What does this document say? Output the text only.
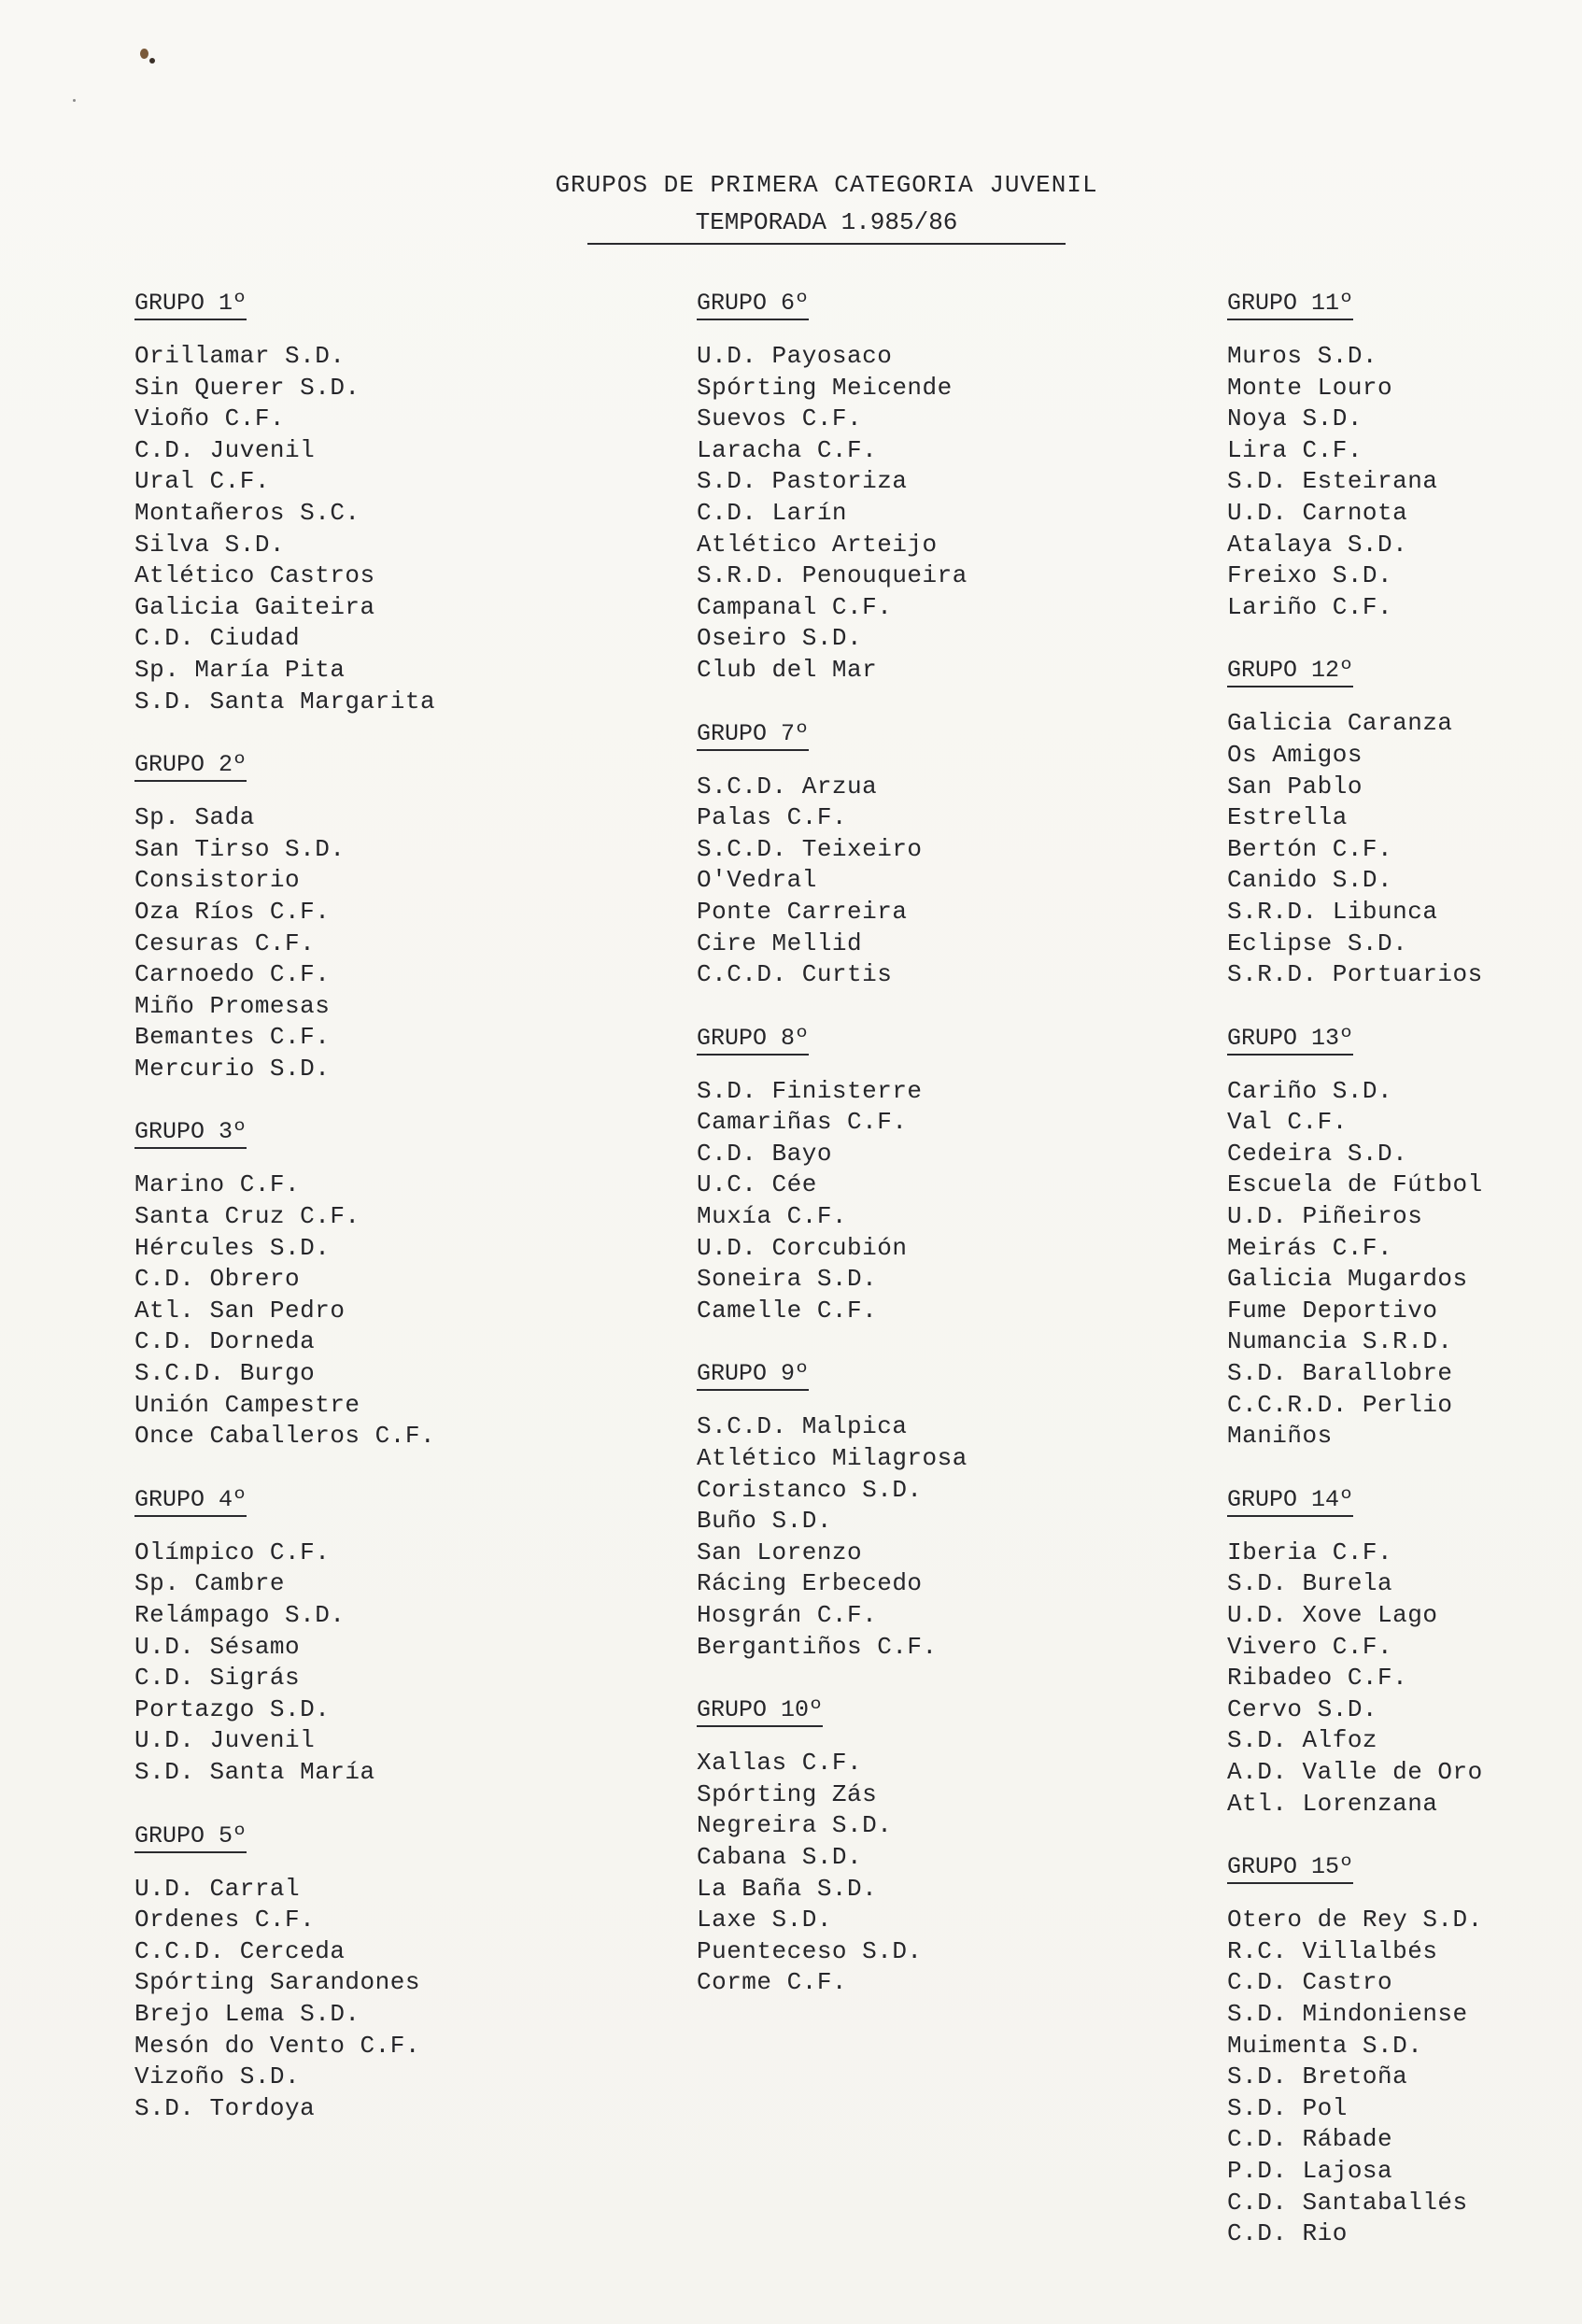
GRUPOS DE PRIMERA CATEGORIA JUVENIL
TEMPORADA 1.985/86
GRUPO 1º
Orillamar S.D.
Sin Querer S.D.
Vioño C.F.
C.D. Juvenil
Ural C.F.
Montañeros S.C.
Silva S.D.
Atlético Castros
Galicia Gaiteira
C.D. Ciudad
Sp. María Pita
S.D. Santa Margarita
GRUPO 2º
Sp. Sada
San Tirso S.D.
Consistorio
Oza Ríos C.F.
Cesuras C.F.
Carnoedo C.F.
Miño Promesas
Bemantes C.F.
Mercurio S.D.
GRUPO 3º
Marino C.F.
Santa Cruz C.F.
Hércules S.D.
C.D. Obrero
Atl. San Pedro
C.D. Dorneda
S.C.D. Burgo
Unión Campestre
Once Caballeros C.F.
GRUPO 4º
Olímpico C.F.
Sp. Cambre
Relámpago S.D.
U.D. Sésamo
C.D. Sigrás
Portazgo S.D.
U.D. Juvenil
S.D. Santa María
GRUPO 5º
U.D. Carral
Ordenes C.F.
C.C.D. Cerceda
Spórting Sarandones
Brejo Lema S.D.
Mesón do Vento C.F.
Vizoño S.D.
S.D. Tordoya
GRUPO 6º
U.D. Payosaco
Spórting Meicende
Suevos C.F.
Laracha C.F.
S.D. Pastoriza
C.D. Larín
Atlético Arteijo
S.R.D. Penouqueira
Campanal C.F.
Oseiro S.D.
Club del Mar
GRUPO 7º
S.C.D. Arzua
Palas C.F.
S.C.D. Teixeiro
O'Vedral
Ponte Carreira
Cire Mellid
C.C.D. Curtis
GRUPO 8º
S.D. Finisterre
Camariñas C.F.
C.D. Bayo
U.C. Cée
Muxía C.F.
U.D. Corcubión
Soneira S.D.
Camelle C.F.
GRUPO 9º
S.C.D. Malpica
Atlético Milagrosa
Coristanco S.D.
Buño S.D.
San Lorenzo
Rácing Erbecedo
Hosgrán C.F.
Bergantiños C.F.
GRUPO 10º
Xallas C.F.
Spórting Zás
Negreira S.D.
Cabana S.D.
La Baña S.D.
Laxe S.D.
Puenteceso S.D.
Corme C.F.
GRUPO 11º
Muros S.D.
Monte Louro
Noya S.D.
Lira C.F.
S.D. Esteirana
U.D. Carnota
Atalaya S.D.
Freixo S.D.
Lariño C.F.
GRUPO 12º
Galicia Caranza
Os Amigos
San Pablo
Estrella
Bertón C.F.
Canido S.D.
S.R.D. Libunca
Eclipse S.D.
S.R.D. Portuarios
GRUPO 13º
Cariño S.D.
Val C.F.
Cedeira S.D.
Escuela de Fútbol
U.D. Piñeiros
Meirás C.F.
Galicia Mugardos
Fume Deportivo
Numancia S.R.D.
S.D. Barallobre
C.C.R.D. Perlio
Maniños
GRUPO 14º
Iberia C.F.
S.D. Burela
U.D. Xove Lago
Vivero C.F.
Ribadeo C.F.
Cervo S.D.
S.D. Alfoz
A.D. Valle de Oro
Atl. Lorenzana
GRUPO 15º
Otero de Rey S.D.
R.C. Villalbés
C.D. Castro
S.D. Mindoniense
Muimenta S.D.
S.D. Bretoña
S.D. Pol
C.D. Rábade
P.D. Lajosa
C.D. Santaballés
C.D. Rio
